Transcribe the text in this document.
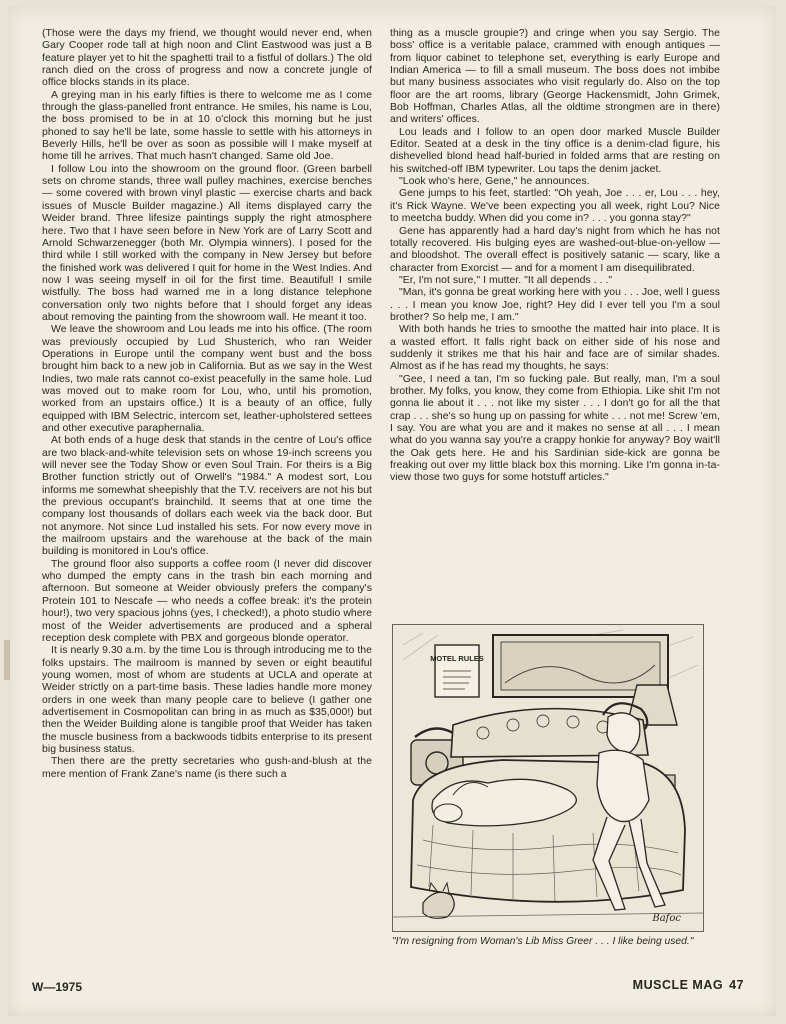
(Those were the days my friend, we thought would never end, when Gary Cooper rode tall at high noon and Clint Eastwood was just a B feature player yet to hit the spaghetti trail to a fistful of dollars.) The old ranch died on the cross of progress and now a concrete jungle of office blocks stands in its place.

A greying man in his early fifties is there to welcome me as I come through the glass-panelled front entrance. He smiles, his name is Lou, the boss promised to be in at 10 o'clock this morning but he just phoned to say he'll be late, some hassle to settle with his attorneys in Beverly Hills, he'll be over as soon as possible will I make myself at home till he arrives. That much hasn't changed. Same old Joe.

I follow Lou into the showroom on the ground floor. (Green barbell sets on chrome stands, three wall pulley machines, exercise benches — some covered with brown vinyl plastic — exercise charts and back issues of Muscle Builder magazine.) All items displayed carry the Weider brand. Three lifesize paintings supply the right atmosphere here. Two that I have seen before in New York are of Larry Scott and Arnold Schwarzenegger (both Mr. Olympia winners). I posed for the third while I still worked with the company in New Jersey but before the finished work was delivered I quit for home in the West Indies. And now I was seeing myself in oil for the first time. Beautiful! I smile wistfully. The boss had warned me in a long distance telephone conversation only two nights before that I should forget any ideas about removing the painting from the showroom wall. He meant it too.

We leave the showroom and Lou leads me into his office. (The room was previously occupied by Lud Shusterich, who ran Weider Operations in Europe until the company went bust and the boss brought him back to a new job in California. But as we say in the West Indies, two male rats cannot co-exist peacefully in the same hole. Lud was moved out to make room for Lou, who, until his promotion, worked from an upstairs office.) It is a beauty of an office, fully equipped with IBM Selectric, intercom set, leather-upholstered settees and other executive paraphernalia.

At both ends of a huge desk that stands in the centre of Lou's office are two black-and-white television sets on whose 19-inch screens you will never see the Today Show or even Soul Train. For theirs is a Big Brother function strictly out of Orwell's "1984." A modest sort, Lou informs me somewhat sheepishly that the T.V. receivers are not his but the previous occupant's brainchild. It seems that at one time the company lost thousands of dollars each week via the back door. But not anymore. Not since Lud installed his sets. For now every move in the mailroom upstairs and the warehouse at the back of the main building is monitored in Lou's office.

The ground floor also supports a coffee room (I never did discover who dumped the empty cans in the trash bin each morning and afternoon. But someone at Weider obviously prefers the company's Protein 101 to Nescafe — who needs a coffee break: it's the protein hour!), two very spacious johns (yes, I checked!), a photo studio where most of the Weider advertisements are produced and a spheral reception desk complete with PBX and gorgeous blonde operator.

It is nearly 9.30 a.m. by the time Lou is through introducing me to the folks upstairs. The mailroom is manned by seven or eight beautiful young women, most of whom are students at UCLA and operate at Weider strictly on a part-time basis. These ladies handle more money orders in one week than many people care to believe (I gather one advertisement in Cosmopolitan can bring in as much as $35,000!) but then the Weider Building alone is tangible proof that Weider has taken the muscle business from a backwoods tidbits enterprise to its present big business status.

Then there are the pretty secretaries who gush-and-blush at the mere mention of Frank Zane's name (is there such a

thing as a muscle groupie?) and cringe when you say Sergio. The boss' office is a veritable palace, crammed with enough antiques — from liquor cabinet to telephone set, everything is early Europe and Indian America — to fill a small museum. The boss does not imbibe but many business associates who visit regularly do. Also on the top floor are the art rooms, library (George Hackensmidt, John Grimek, Bob Hoffman, Charles Atlas, all the oldtime strongmen are in there) and writers' offices.

Lou leads and I follow to an open door marked Muscle Builder Editor. Seated at a desk in the tiny office is a denim-clad figure, his dishevelled blond head half-buried in folded arms that are resting on his switched-off IBM typewriter. Lou taps the denim jacket.

"Look who's here, Gene," he announces.

Gene jumps to his feet, startled: "Oh yeah, Joe . . . er, Lou . . . hey, it's Rick Wayne. We've been expecting you all week, right Lou? Nice to meetcha buddy. When did you come in? . . . you gonna stay?"

Gene has apparently had a hard day's night from which he has not totally recovered. His bulging eyes are washed-out-blue-on-yellow — and bloodshot. The overall effect is positively satanic — scary, like a character from Exorcist — and for a moment I am disequilibrated.

"Er, I'm not sure," I mutter. "It all depends . . ."

"Man, it's gonna be great working here with you . . . Joe, well I guess . . . I mean you know Joe, right? Hey did I ever tell you I'm a soul brother? So help me, I am."

With both hands he tries to smoothe the matted hair into place. It is a wasted effort. It falls right back on either side of his nose and suddenly it strikes me that his hair and face are of similar shades. Almost as if he has read my thoughts, he says:

"Gee, I need a tan, I'm so fucking pale. But really, man, I'm a soul brother. My folks, you know, they come from Ethiopia. Like shit I'm not gonna lie about it . . . not like my sister . . . I don't go for all the that crap . . . she's so hung up on passing for white . . . not me! Screw 'em, I say. You are what you are and it makes no sense at all . . . I mean what do you wanna say you're a crappy honkie for anyway? Boy wait'll the Oak gets here. He and his Sardinian side-kick are gonna be freaking out over my little black box this morning. Like I'm gonna in-ta-view those two guys for some hotstuff articles."

MOTEL RULES
Bafoc
"I'm resigning from Woman's Lib Miss Greer . . . I like being used."
W—1975	MUSCLE MAG 47
